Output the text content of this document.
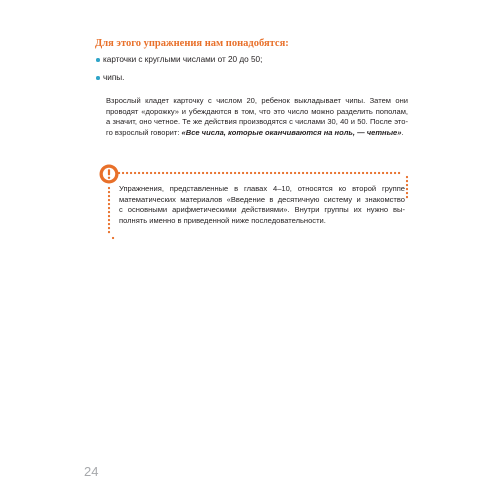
Для этого упражнения нам понадобятся:
карточки с круглыми числами от 20 до 50;
чипы.
Взрослый кладет карточку с числом 20, ребенок выкладывает чипы. Затем они
проводят «дорожку» и убеждаются в том, что это число можно разделить пополам,
а значит, оно четное. Те же действия производятся с числами 30, 40 и 50. После это-
го взрослый говорит: «Все числа, которые оканчиваются на ноль, — четные».
Упражнения, представленные в главах 4–10, относятся ко второй группе
математических материалов «Введение в десятичную систему и знакомство
с основными арифметическими действиями». Внутри группы их нужно вы-
полнять именно в приведенной ниже последовательности.
24
